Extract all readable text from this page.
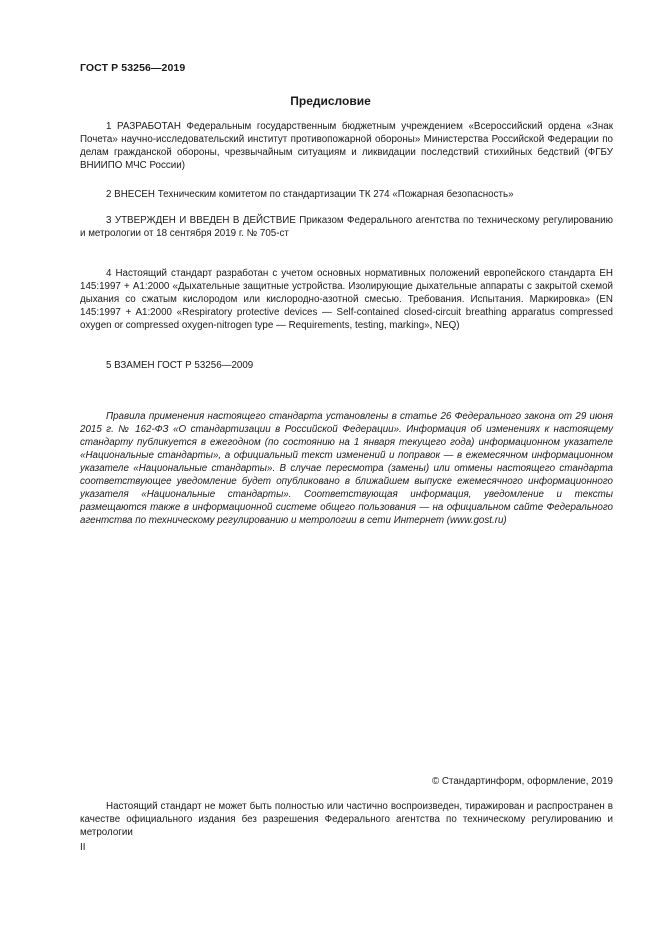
ГОСТ Р 53256—2019
Предисловие

1 РАЗРАБОТАН Федеральным государственным бюджетным учреждением «Всероссийский ордена «Знак Почета» научно-исследовательский институт противопожарной обороны» Министерства Российской Федерации по делам гражданской обороны, чрезвычайным ситуациям и ликвидации последствий стихийных бедствий (ФГБУ ВНИИПО МЧС России)

2 ВНЕСЕН Техническим комитетом по стандартизации ТК 274 «Пожарная безопасность»

3 УТВЕРЖДЕН И ВВЕДЕН В ДЕЙСТВИЕ Приказом Федерального агентства по техническому регулированию и метрологии от 18 сентября 2019 г. № 705-ст

4 Настоящий стандарт разработан с учетом основных нормативных положений европейского стандарта ЕН 145:1997 + А1:2000 «Дыхательные защитные устройства. Изолирующие дыхательные аппараты с закрытой схемой дыхания со сжатым кислородом или кислородно-азотной смесью. Требования. Испытания. Маркировка» (EN 145:1997 + A1:2000 «Respiratory protective devices — Self-contained closed-circuit breathing apparatus compressed oxygen or compressed oxygen-nitrogen type — Requirements, testing, marking», NEQ)

5 ВЗАМЕН ГОСТ Р 53256—2009

Правила применения настоящего стандарта установлены в статье 26 Федерального закона от 29 июня 2015 г. № 162-ФЗ «О стандартизации в Российской Федерации». Информация об изменениях к настоящему стандарту публикуется в ежегодном (по состоянию на 1 января текущего года) информационном указателе «Национальные стандарты», а официальный текст изменений и поправок — в ежемесячном информационном указателе «Национальные стандарты». В случае пересмотра (замены) или отмены настоящего стандарта соответствующее уведомление будет опубликовано в ближайшем выпуске ежемесячного информационного указателя «Национальные стандарты». Соответствующая информация, уведомление и тексты размещаются также в информационной системе общего пользования — на официальном сайте Федерального агентства по техническому регулированию и метрологии в сети Интернет (www.gost.ru)

© Стандартинформ, оформление, 2019

Настоящий стандарт не может быть полностью или частично воспроизведен, тиражирован и распространен в качестве официального издания без разрешения Федерального агентства по техническому регулированию и метрологии

II
